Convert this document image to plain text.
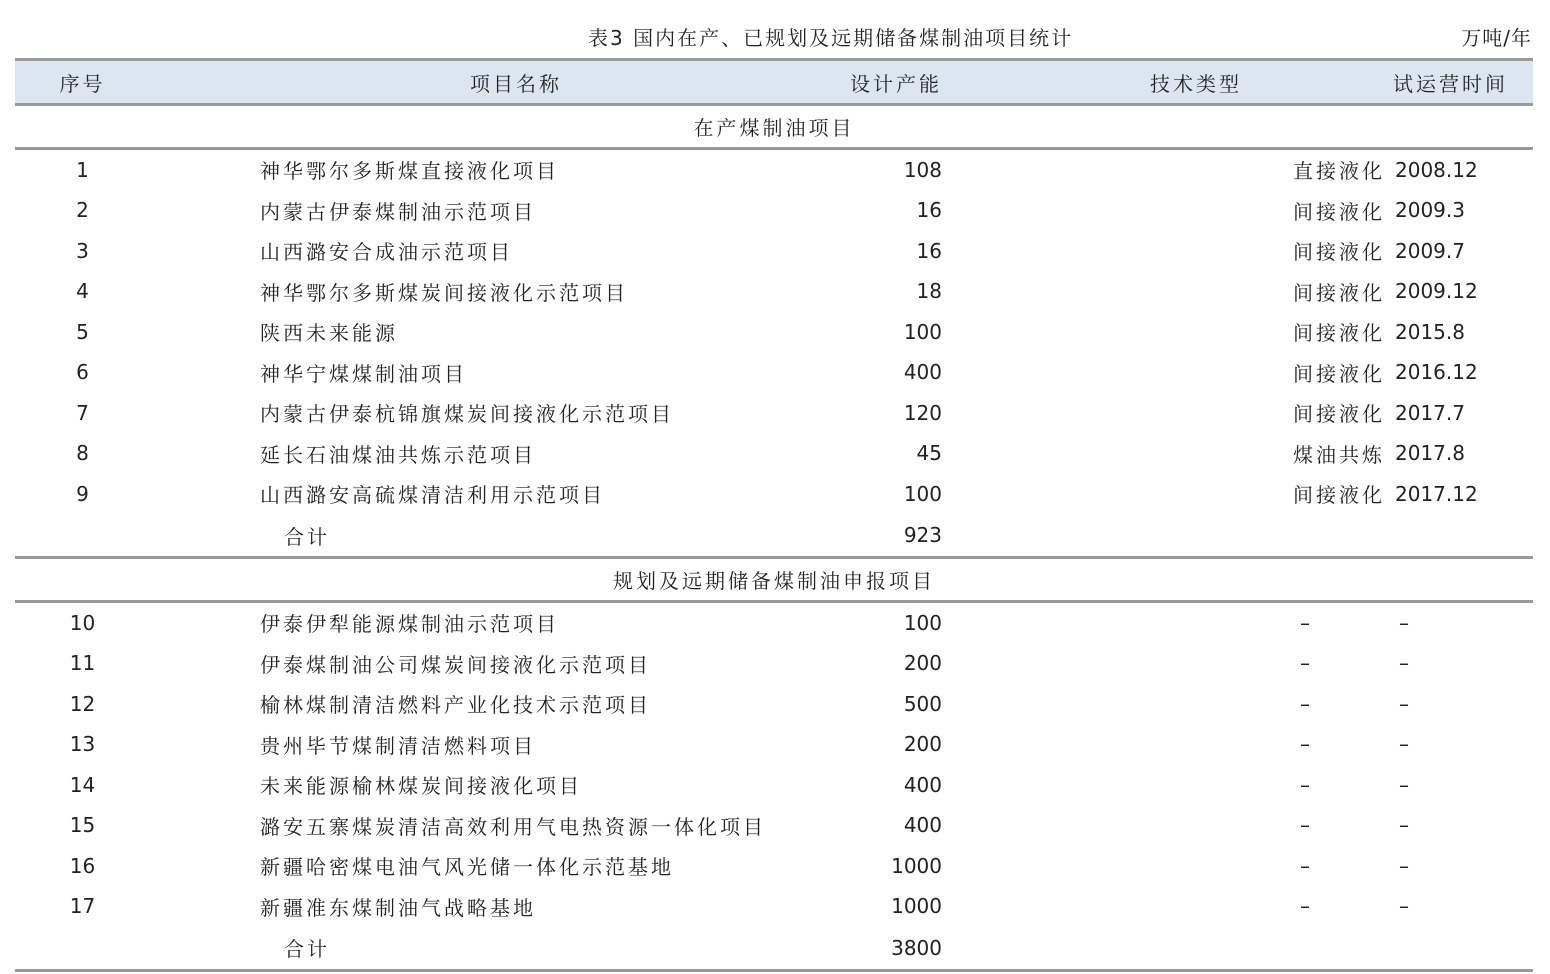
表3 国内在产、已规划及远期储备煤制油项目统计	万吨/年
序号	项目名称	设计产能	技术类型	试运营时间
在产煤制油项目				
1	神华鄂尔多斯煤直接液化项目	108	直接液化	2008.12
2	内蒙古伊泰煤制油示范项目	16	间接液化	2009.3
3	山西潞安合成油示范项目	16	间接液化	2009.7
4	神华鄂尔多斯煤炭间接液化示范项目	18	间接液化	2009.12
5	陕西未来能源	100	间接液化	2015.8
6	神华宁煤煤制油项目	400	间接液化	2016.12
7	内蒙古伊泰杭锦旗煤炭间接液化示范项目	120	间接液化	2017.7
8	延长石油煤油共炼示范项目	45	煤油共炼	2017.8
9	山西潞安高硫煤清洁利用示范项目	100	间接液化	2017.12
	合计	923		
规划及远期储备煤制油申报项目				
10	伊泰伊犁能源煤制油示范项目	100	–	–
11	伊泰煤制油公司煤炭间接液化示范项目	200	–	–
12	榆林煤制清洁燃料产业化技术示范项目	500	–	–
13	贵州毕节煤制清洁燃料项目	200	–	–
14	未来能源榆林煤炭间接液化项目	400	–	–
15	潞安五寨煤炭清洁高效利用气电热资源一体化项目	400	–	–
16	新疆哈密煤电油气风光储一体化示范基地	1000	–	–
17	新疆准东煤制油气战略基地	1000	–	–
	合计	3800		
